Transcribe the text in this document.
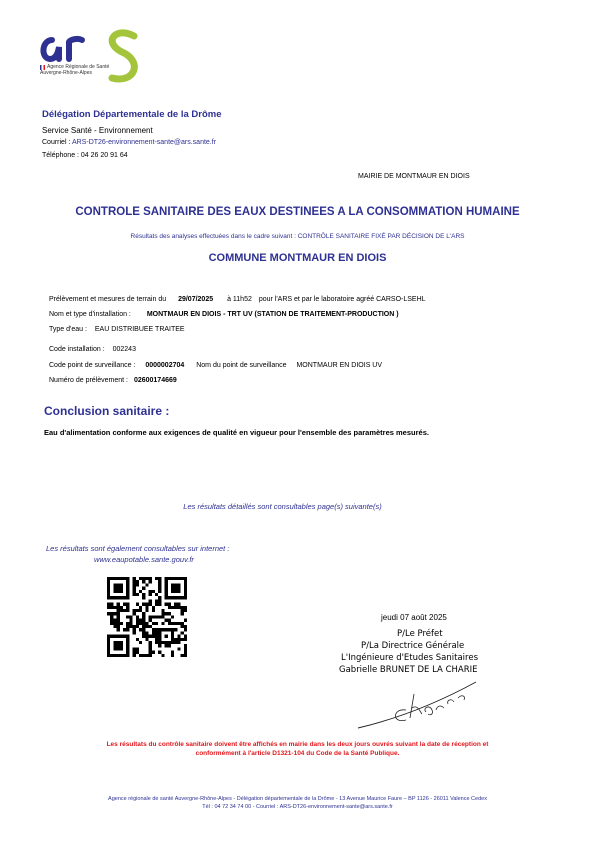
Agence Régionale de Santé
Auvergne-Rhône-Alpes
Délégation Départementale de la Drôme
Service Santé - Environnement
Courriel : ARS-DT26-environnement-sante@ars.sante.fr
Téléphone : 04 26 20 91 64
MAIRIE DE MONTMAUR EN DIOIS
CONTROLE SANITAIRE DES EAUX DESTINEES A LA CONSOMMATION HUMAINE
Résultats des analyses effectuées dans le cadre suivant : CONTRÔLE SANITAIRE FIXÉ PAR DÉCISION DE L'ARS
COMMUNE MONTMAUR EN DIOIS
Prélèvement et mesures de terrain du 29/07/2025 à 11h52 pour l'ARS et par le laboratoire agréé CARSO-LSEHL
Nom et type d'installation : MONTMAUR EN DIOIS - TRT UV (STATION DE TRAITEMENT-PRODUCTION )
Type d'eau : EAU DISTRIBUEE TRAITEE
Code installation : 002243
Code point de surveillance : 0000002704 Nom du point de surveillance MONTMAUR EN DIOIS UV
Numéro de prélèvement : 02600174669
Conclusion sanitaire :
Eau d'alimentation conforme aux exigences de qualité en vigueur pour l'ensemble des paramètres mesurés.
Les résultats détaillés sont consultables page(s) suivante(s)
Les résultats sont également consultables sur internet :
www.eaupotable.sante.gouv.fr
jeudi 07 août 2025
P/Le Préfet
P/La Directrice Générale
L'Ingénieure d'Etudes Sanitaires
Gabrielle BRUNET DE LA CHARIE
Les résultats du contrôle sanitaire doivent être affichés en mairie dans les deux jours ouvrés suivant la date de réception et
conformément à l'article D1321-104 du Code de la Santé Publique.
Agence régionale de santé Auvergne-Rhône-Alpes - Délégation départementale de la Drôme - 13 Avenue Maurice Faure – BP 1126 - 26011 Valence Cedex
Tél : 04 72 34 74 00 - Courriel : ARS-DT26-environnement-sante@ars.sante.fr
